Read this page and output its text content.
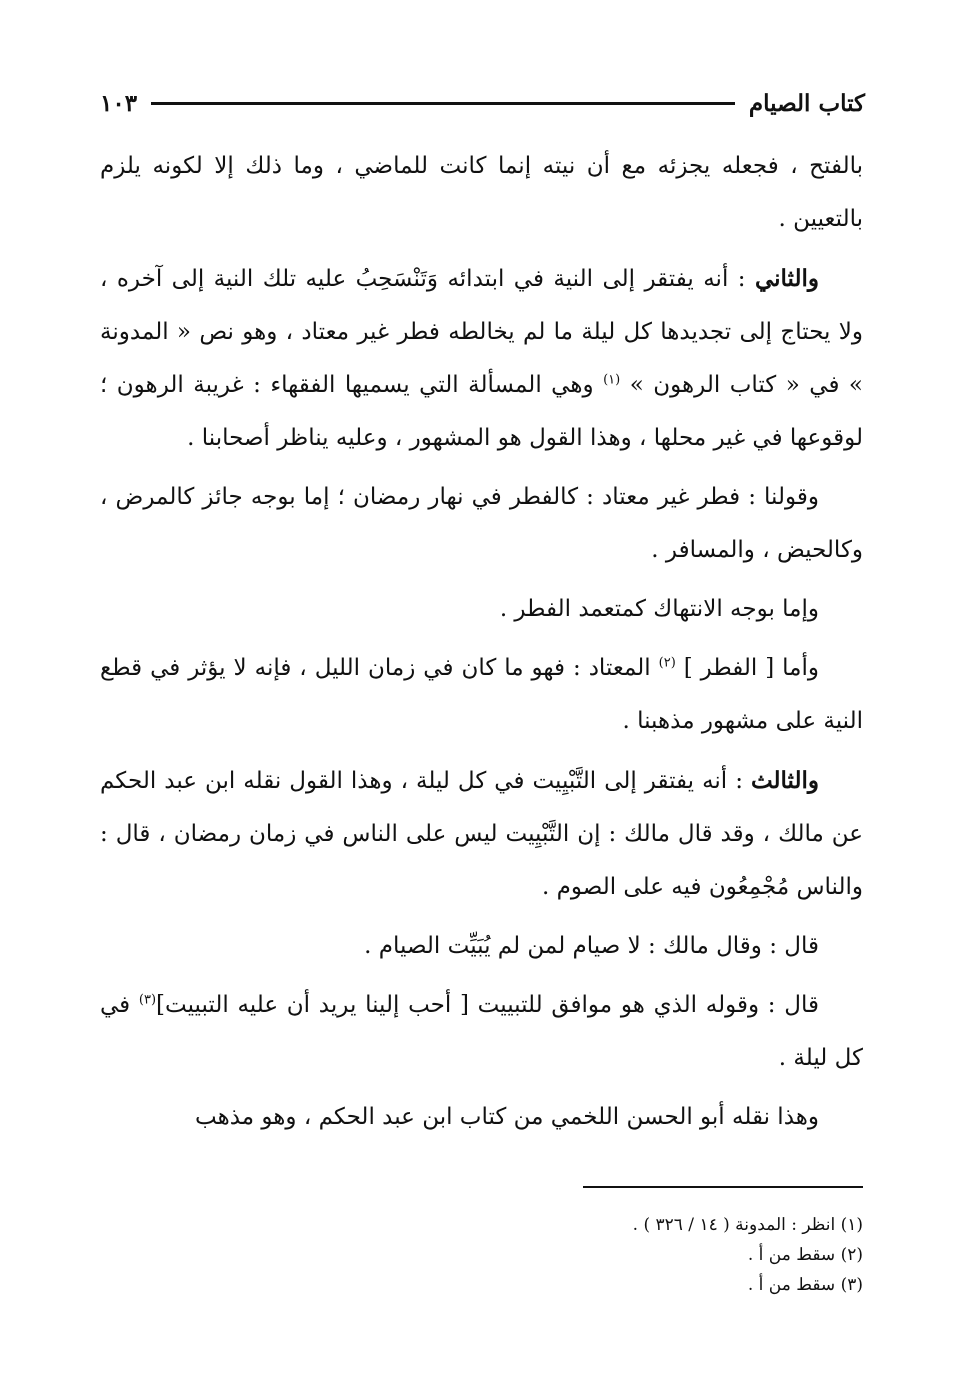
١٠٣	كتاب الصيام

بالفتح ، فجعله يجزئه مع أن نيته إنما كانت للماضي ، وما ذلك إلا لكونه يلزم بالتعيين .

والثاني : أنه يفتقر إلى النية في ابتدائه وَتَنْسَحِبُ عليه تلك النية إلى آخره ، ولا يحتاج إلى تجديدها كل ليلة ما لم يخالطه فطر غير معتاد ، وهو نص « المدونة » في « كتاب الرهون » $^{(١)}$ وهي المسألة التي يسميها الفقهاء : غريبة الرهون ؛ لوقوعها في غير محلها ، وهذا القول هو المشهور ، وعليه يناظر أصحابنا .

وقولنا : فطر غير معتاد : كالفطر في نهار رمضان ؛ إما بوجه جائز كالمرض ، وكالحيض ، والمسافر .

وإما بوجه الانتهاك كمتعمد الفطر .

وأما [ الفطر ] $^{(٢)}$ المعتاد : فهو ما كان في زمان الليل ، فإنه لا يؤثر في قطع النية على مشهور مذهبنا .

والثالث : أنه يفتقر إلى التَّبْيِيت في كل ليلة ، وهذا القول نقله ابن عبد الحكم عن مالك ، وقد قال مالك : إن التَّبْيِيت ليس على الناس في زمان رمضان ، قال : والناس مُجْمِعُون فيه على الصوم .

قال : وقال مالك : لا صيام لمن لم يُبَيِّت الصيام .

قال : وقوله الذي هو موافق للتبييت [ أحب إلينا يريد أن عليه التبييت]$^{(٣)}$ في كل ليلة .

وهذا نقله أبو الحسن اللخمي من كتاب ابن عبد الحكم ، وهو مذهب

(١) انظر : المدونة ( ١٤ / ٣٢٦ ) .
(٢) سقط من أ .
(٣) سقط من أ .
